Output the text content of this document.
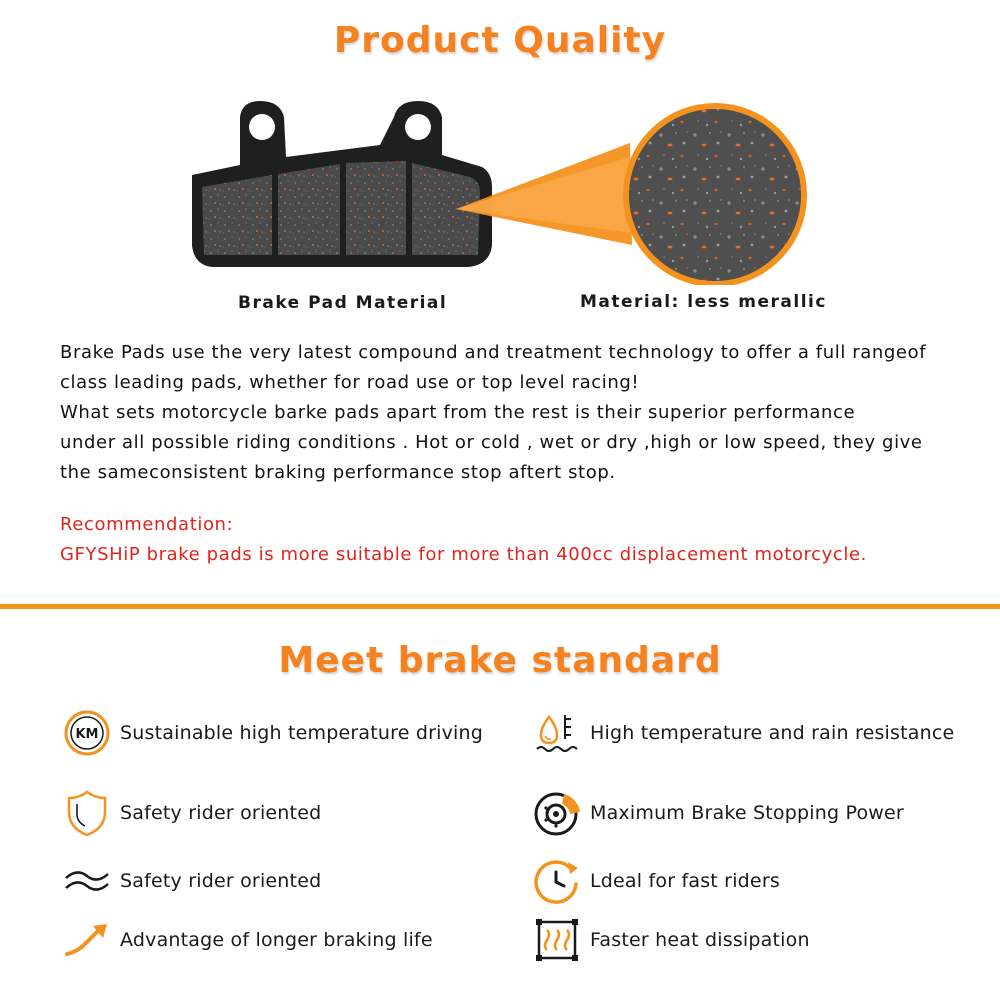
Product Quality
Brake Pad Material	Material: less merallic
Brake Pads use the very latest compound and treatment technology to offer a full rangeof
class leading pads, whether for road use or top level racing!
What sets motorcycle barke pads apart from the rest is their superior performance
under all possible riding conditions . Hot or cold , wet or dry ,high or low speed, they give
the sameconsistent braking performance stop aftert stop.
Recommendation:
GFYSHiP brake pads is more suitable for more than 400cc displacement motorcycle.
Meet brake standard
KM Sustainable high temperature driving
Safety rider oriented
Safety rider oriented
Advantage of longer braking life
High temperature and rain resistance
Maximum Brake Stopping Power
Ldeal for fast riders
Faster heat dissipation
